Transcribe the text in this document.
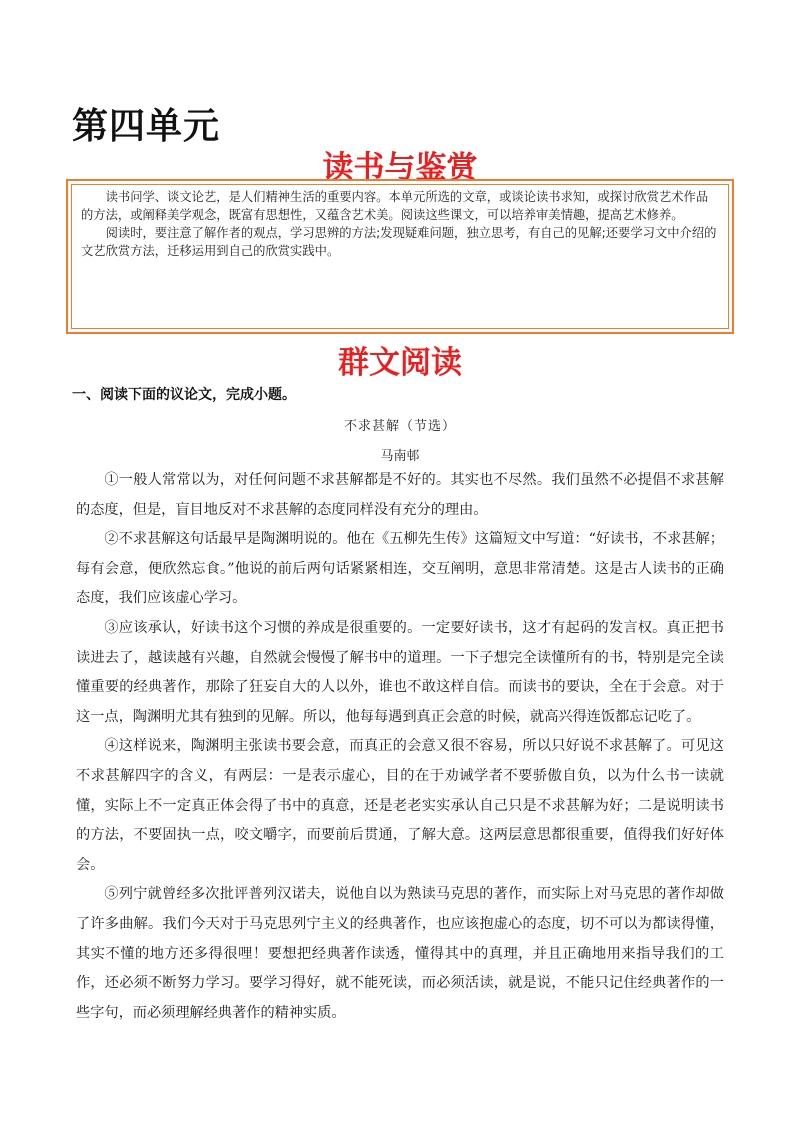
第四单元
读书与鉴赏

读书问学、谈文论艺，是人们精神生活的重要内容。本单元所选的文章，或谈论读书求知，或探讨欣赏艺术作品的方法，或阐释美学观念，既富有思想性，又蕴含艺术美。阅读这些课文，可以培养审美情趣，提高艺术修养。

阅读时，要注意了解作者的观点，学习思辨的方法;发现疑难问题，独立思考，有自己的见解;还要学习文中介绍的文艺欣赏方法，迁移运用到自己的欣赏实践中。

群文阅读

一、阅读下面的议论文，完成小题。

不求甚解（节选）

马南邨

①一般人常常以为，对任何问题不求甚解都是不好的。其实也不尽然。我们虽然不必提倡不求甚解的态度，但是，盲目地反对不求甚解的态度同样没有充分的理由。

②不求甚解这句话最早是陶渊明说的。他在《五柳先生传》这篇短文中写道：“好读书，不求甚解；每有会意，便欣然忘食。”他说的前后两句话紧紧相连，交互阐明，意思非常清楚。这是古人读书的正确态度，我们应该虚心学习。

③应该承认，好读书这个习惯的养成是很重要的。一定要好读书，这才有起码的发言权。真正把书读进去了，越读越有兴趣，自然就会慢慢了解书中的道理。一下子想完全读懂所有的书，特别是完全读懂重要的经典著作，那除了狂妄自大的人以外，谁也不敢这样自信。而读书的要诀，全在于会意。对于这一点，陶渊明尤其有独到的见解。所以，他每每遇到真正会意的时候，就高兴得连饭都忘记吃了。

④这样说来，陶渊明主张读书要会意，而真正的会意又很不容易，所以只好说不求甚解了。可见这不求甚解四字的含义，有两层：一是表示虚心，目的在于劝诫学者不要骄傲自负，以为什么书一读就懂，实际上不一定真正体会得了书中的真意，还是老老实实承认自己只是不求甚解为好；二是说明读书的方法，不要固执一点，咬文嚼字，而要前后贯通，了解大意。这两层意思都很重要，值得我们好好体会。

⑤列宁就曾经多次批评普列汉诺夫，说他自以为熟读马克思的著作，而实际上对马克思的著作却做了许多曲解。我们今天对于马克思列宁主义的经典著作，也应该抱虚心的态度，切不可以为都读得懂，其实不懂的地方还多得很哩！要想把经典著作读透，懂得其中的真理，并且正确地用来指导我们的工作，还必须不断努力学习。要学习得好，就不能死读，而必须活读，就是说，不能只记住经典著作的一些字句，而必须理解经典著作的精神实质。
